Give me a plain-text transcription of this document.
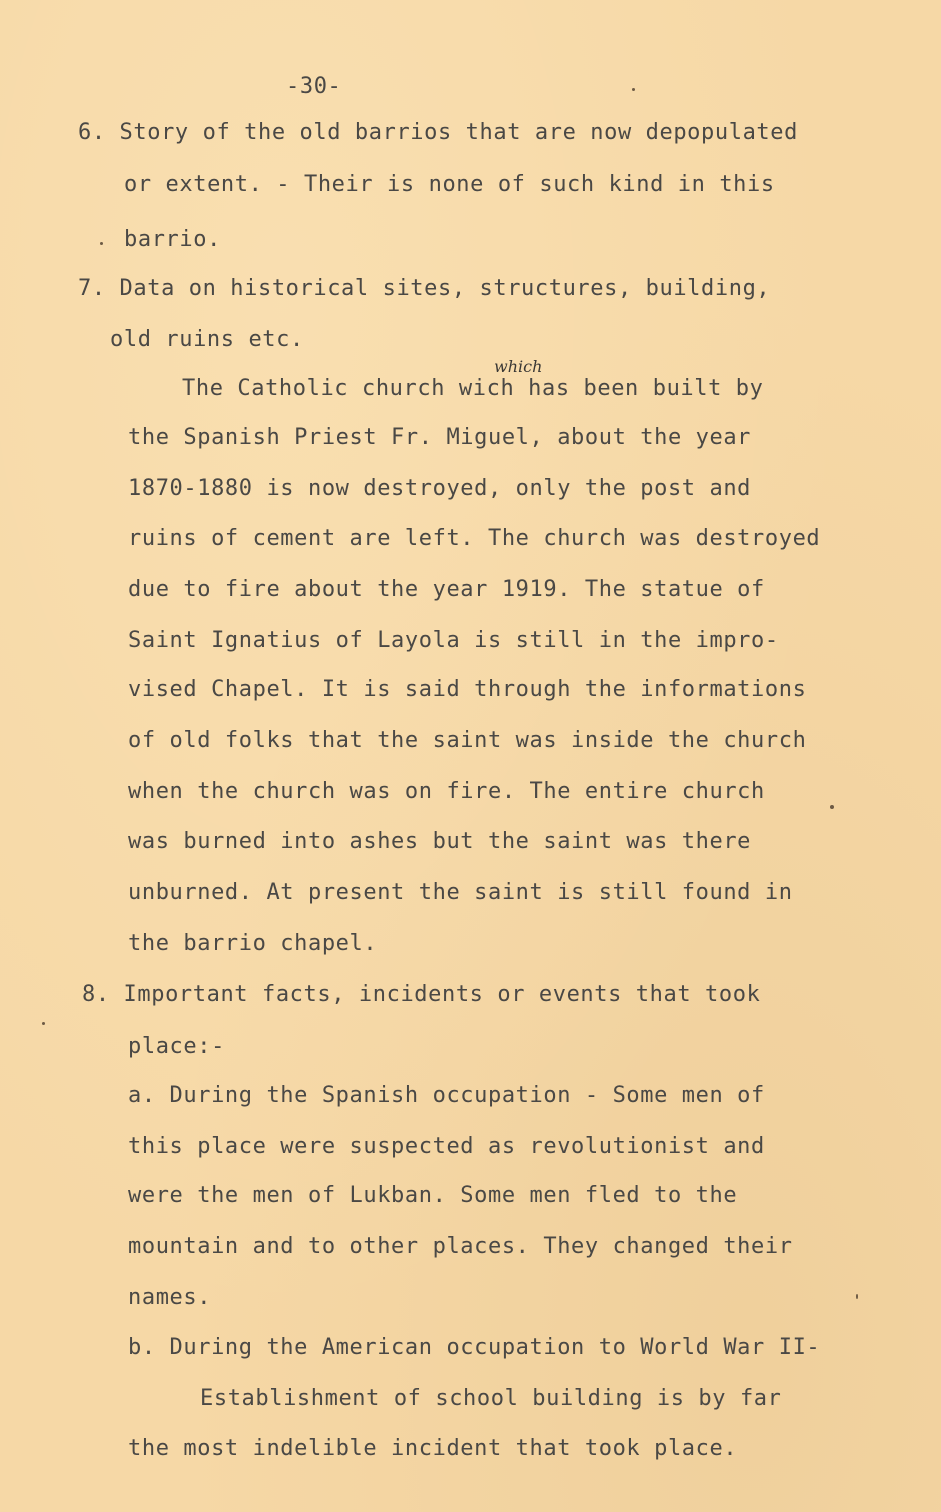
-30-
which
6. Story of the old barrios that are now depopulated
or extent. - Their is none of such kind in this
barrio.
7. Data on historical sites, structures, building,
old ruins etc.
The Catholic church wich has been built by
the Spanish Priest Fr. Miguel, about the year
1870-1880 is now destroyed, only the post and
ruins of cement are left. The church was destroyed
due to fire about the year 1919. The statue of
Saint Ignatius of Layola is still in the impro-
vised Chapel. It is said through the informations
of old folks that the saint was inside the church
when the church was on fire. The entire church
was burned into ashes but the saint was there
unburned. At present the saint is still found in
the barrio chapel.
8. Important facts, incidents or events that took
place:-
a. During the Spanish occupation - Some men of
this place were suspected as revolutionist and
were the men of Lukban. Some men fled to the
mountain and to other places. They changed their
names.
b. During the American occupation to World War II-
Establishment of school building is by far
the most indelible incident that took place.
